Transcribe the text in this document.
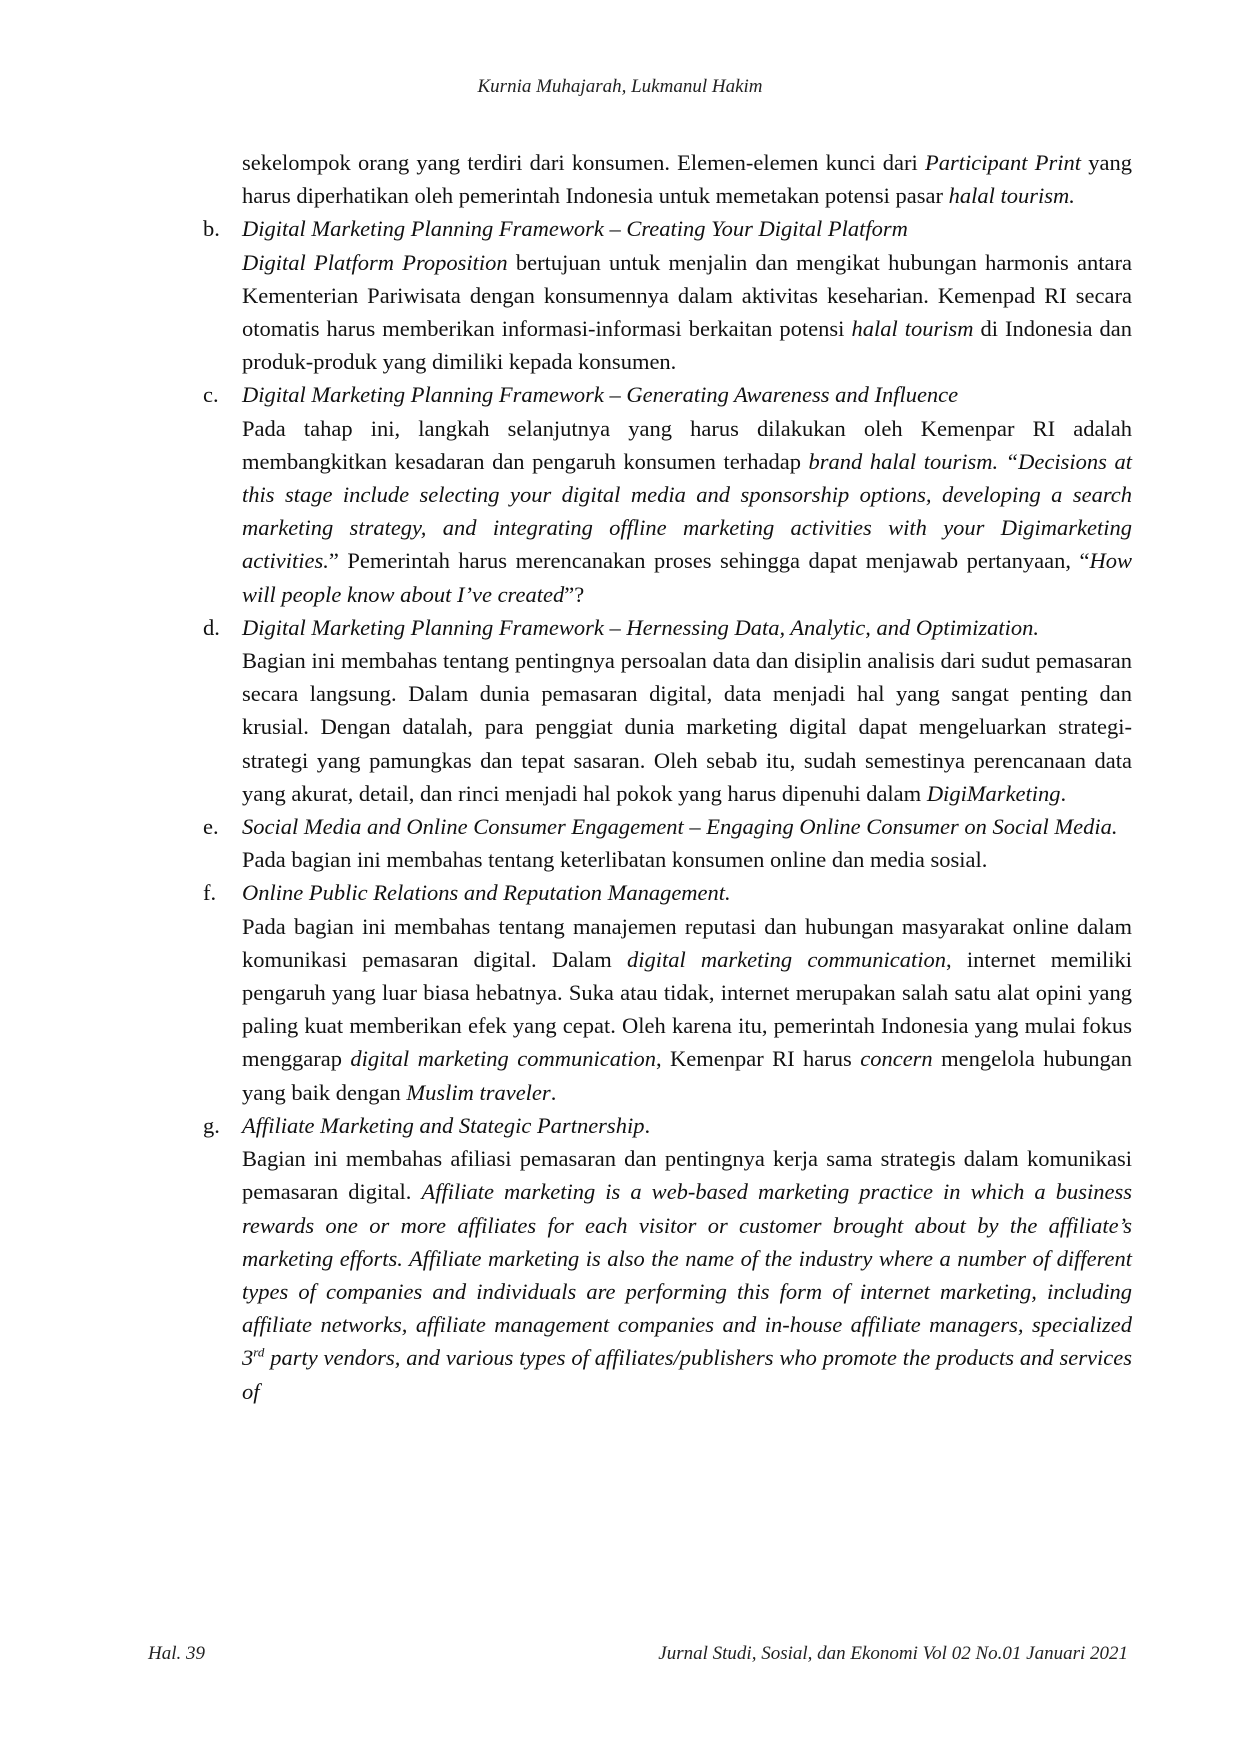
Kurnia Muhajarah, Lukmanul Hakim

sekelompok orang yang terdiri dari konsumen. Elemen-elemen kunci dari Participant Print yang harus diperhatikan oleh pemerintah Indonesia untuk memetakan potensi pasar halal tourism.

b. Digital Marketing Planning Framework – Creating Your Digital Platform

Digital Platform Proposition bertujuan untuk menjalin dan mengikat hubungan harmonis antara Kementerian Pariwisata dengan konsumennya dalam aktivitas keseharian. Kemenpad RI secara otomatis harus memberikan informasi-informasi berkaitan potensi halal tourism di Indonesia dan produk-produk yang dimiliki kepada konsumen.

c. Digital Marketing Planning Framework – Generating Awareness and Influence

Pada tahap ini, langkah selanjutnya yang harus dilakukan oleh Kemenpar RI adalah membangkitkan kesadaran dan pengaruh konsumen terhadap brand halal tourism. “Decisions at this stage include selecting your digital media and sponsorship options, developing a search marketing strategy, and integrating offline marketing activities with your Digimarketing activities.” Pemerintah harus merencanakan proses sehingga dapat menjawab pertanyaan, “How will people know about I’ve created”?

d. Digital Marketing Planning Framework – Hernessing Data, Analytic, and Optimization.

Bagian ini membahas tentang pentingnya persoalan data dan disiplin analisis dari sudut pemasaran secara langsung. Dalam dunia pemasaran digital, data menjadi hal yang sangat penting dan krusial. Dengan datalah, para penggiat dunia marketing digital dapat mengeluarkan strategi-strategi yang pamungkas dan tepat sasaran. Oleh sebab itu, sudah semestinya perencanaan data yang akurat, detail, dan rinci menjadi hal pokok yang harus dipenuhi dalam DigiMarketing.

e. Social Media and Online Consumer Engagement – Engaging Online Consumer on Social Media.

Pada bagian ini membahas tentang keterlibatan konsumen online dan media sosial.

f. Online Public Relations and Reputation Management.

Pada bagian ini membahas tentang manajemen reputasi dan hubungan masyarakat online dalam komunikasi pemasaran digital. Dalam digital marketing communication, internet memiliki pengaruh yang luar biasa hebatnya. Suka atau tidak, internet merupakan salah satu alat opini yang paling kuat memberikan efek yang cepat. Oleh karena itu, pemerintah Indonesia yang mulai fokus menggarap digital marketing communication, Kemenpar RI harus concern mengelola hubungan yang baik dengan Muslim traveler.

g. Affiliate Marketing and Stategic Partnership.

Bagian ini membahas afiliasi pemasaran dan pentingnya kerja sama strategis dalam komunikasi pemasaran digital. Affiliate marketing is a web-based marketing practice in which a business rewards one or more affiliates for each visitor or customer brought about by the affiliate’s marketing efforts. Affiliate marketing is also the name of the industry where a number of different types of companies and individuals are performing this form of internet marketing, including affiliate networks, affiliate management companies and in-house affiliate managers, specialized 3rd party vendors, and various types of affiliates/publishers who promote the products and services of

Hal. 39	Jurnal Studi, Sosial, dan Ekonomi Vol 02 No.01 Januari 2021
